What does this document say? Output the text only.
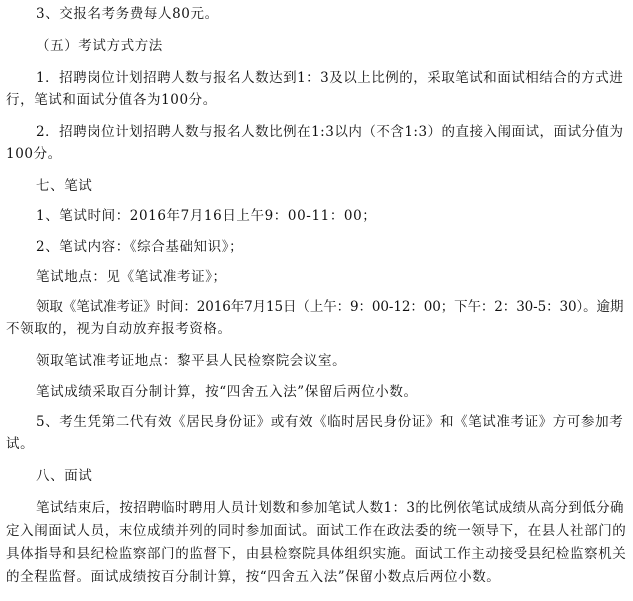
3、交报名考务费每人80元。
（五）考试方式方法
1．招聘岗位计划招聘人数与报名人数达到1：3及以上比例的，采取笔试和面试相结合的方式进
行，笔试和面试分值各为100分。
2．招聘岗位计划招聘人数与报名人数比例在1:3以内（不含1:3）的直接入闱面试，面试分值为
100分。
七、笔试
1、笔试时间：2016年7月16日上午9：00-11：00；
2、笔试内容：《综合基础知识》；
笔试地点：见《笔试准考证》；
领取《笔试准考证》时间：2016年7月15日（上午：9：00-12：00；下午：2：30-5：30）。逾期
不领取的，视为自动放弃报考资格。
领取笔试准考证地点：黎平县人民检察院会议室。
笔试成绩采取百分制计算，按“四舍五入法”保留后两位小数。
5、考生凭第二代有效《居民身份证》或有效《临时居民身份证》和《笔试准考证》方可参加考
试。
八、面试
笔试结束后，按招聘临时聘用人员计划数和参加笔试人数1：3的比例依笔试成绩从高分到低分确
定入闱面试人员，末位成绩并列的同时参加面试。面试工作在政法委的统一领导下，在县人社部门的
具体指导和县纪检监察部门的监督下，由县检察院具体组织实施。面试工作主动接受县纪检监察机关
的全程监督。面试成绩按百分制计算，按“四舍五入法”保留小数点后两位小数。
